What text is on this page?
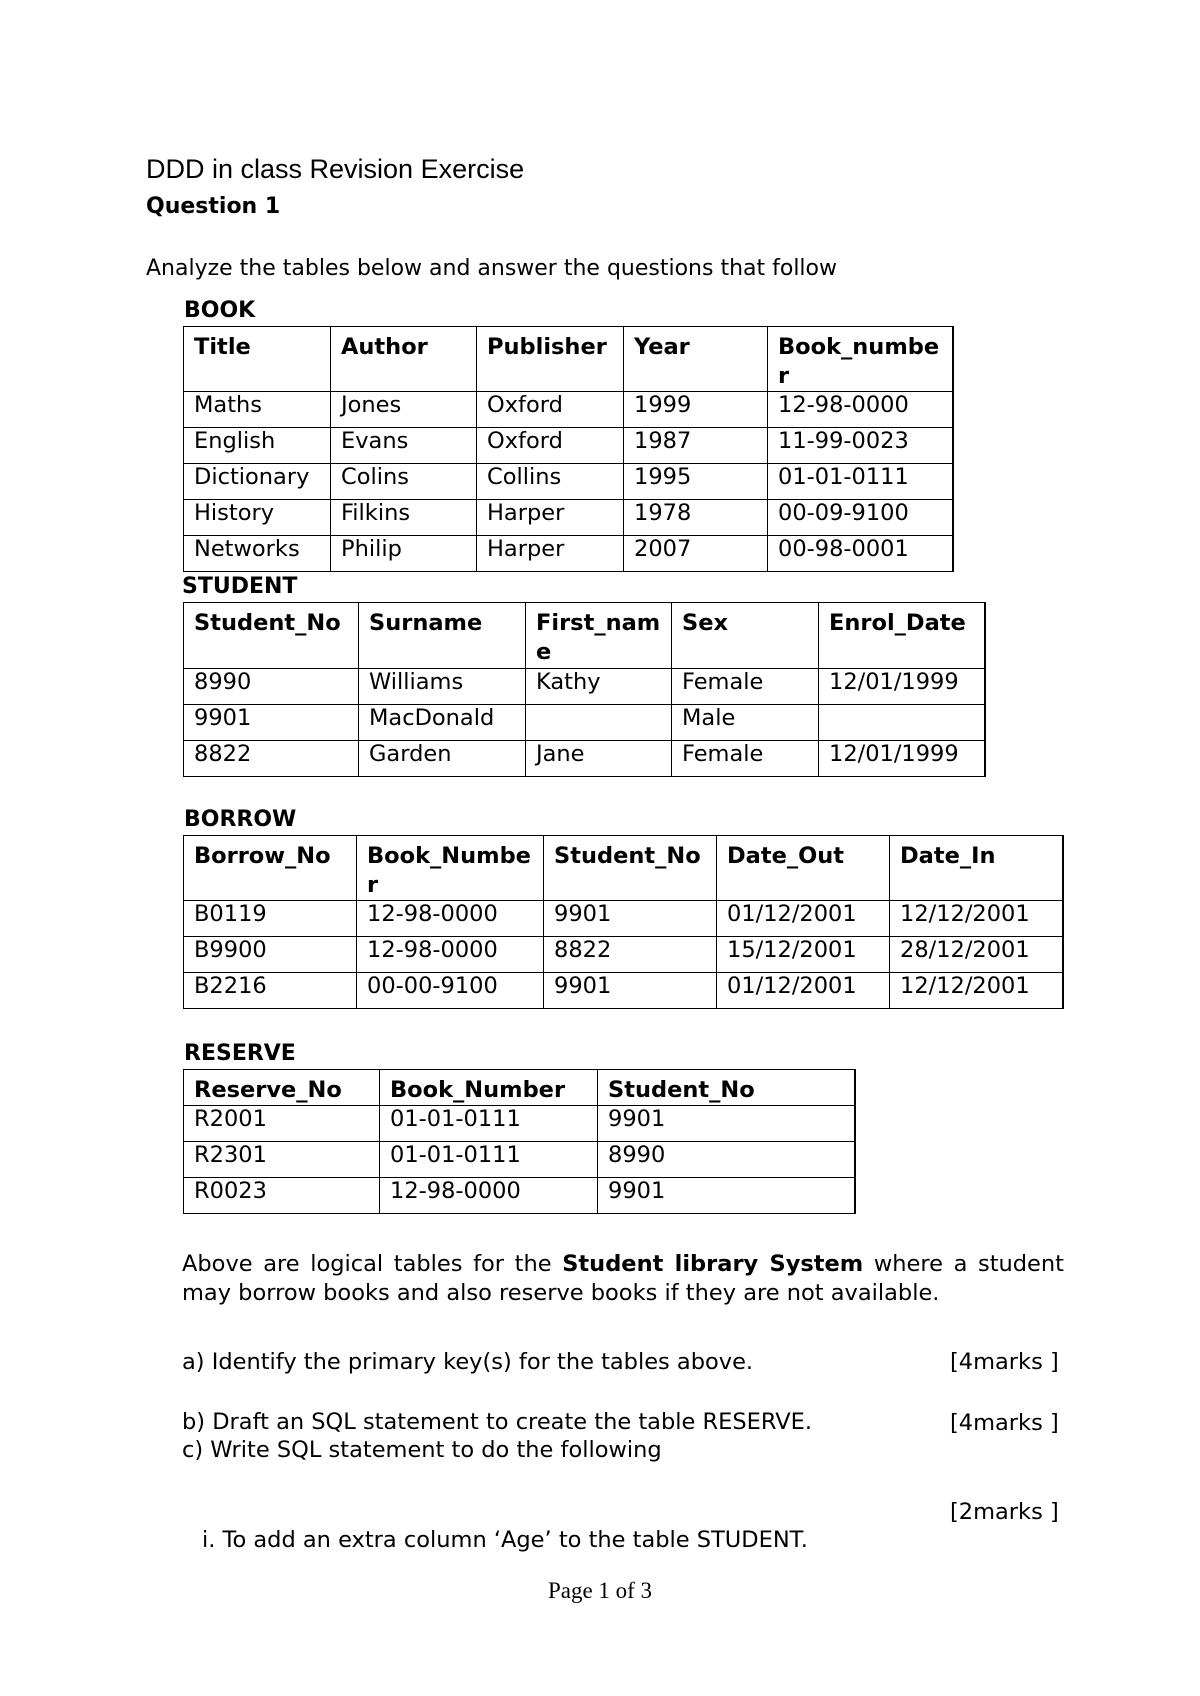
DDD in class Revision Exercise
Question 1
Analyze the tables below and answer the questions that follow
BOOK
Title	Author	Publisher	Year	Book_number
Maths	Jones	Oxford	1999	12-98-0000
English	Evans	Oxford	1987	11-99-0023
Dictionary	Colins	Collins	1995	01-01-0111
History	Filkins	Harper	1978	00-09-9100
Networks	Philip	Harper	2007	00-98-0001
STUDENT
Student_No	Surname	First_name	Sex	Enrol_Date
8990	Williams	Kathy	Female	12/01/1999
9901	MacDonald		Male	
8822	Garden	Jane	Female	12/01/1999
BORROW
Borrow_No	Book_Number	Student_No	Date_Out	Date_In
B0119	12-98-0000	9901	01/12/2001	12/12/2001
B9900	12-98-0000	8822	15/12/2001	28/12/2001
B2216	00-00-9100	9901	01/12/2001	12/12/2001
RESERVE
Reserve_No	Book_Number	Student_No
R2001	01-01-0111	9901
R2301	01-01-0111	8990
R0023	12-98-0000	9901
Above are logical tables for the Student library System where a student may borrow books and also reserve books if they are not available.
a) Identify the primary key(s) for the tables above.	[4marks ]
b) Draft an SQL statement to create the table RESERVE.
c) Write SQL statement to do the following
[4marks ]
[2marks ]
i. To add an extra column ‘Age’ to the table STUDENT.
Page 1 of 3
